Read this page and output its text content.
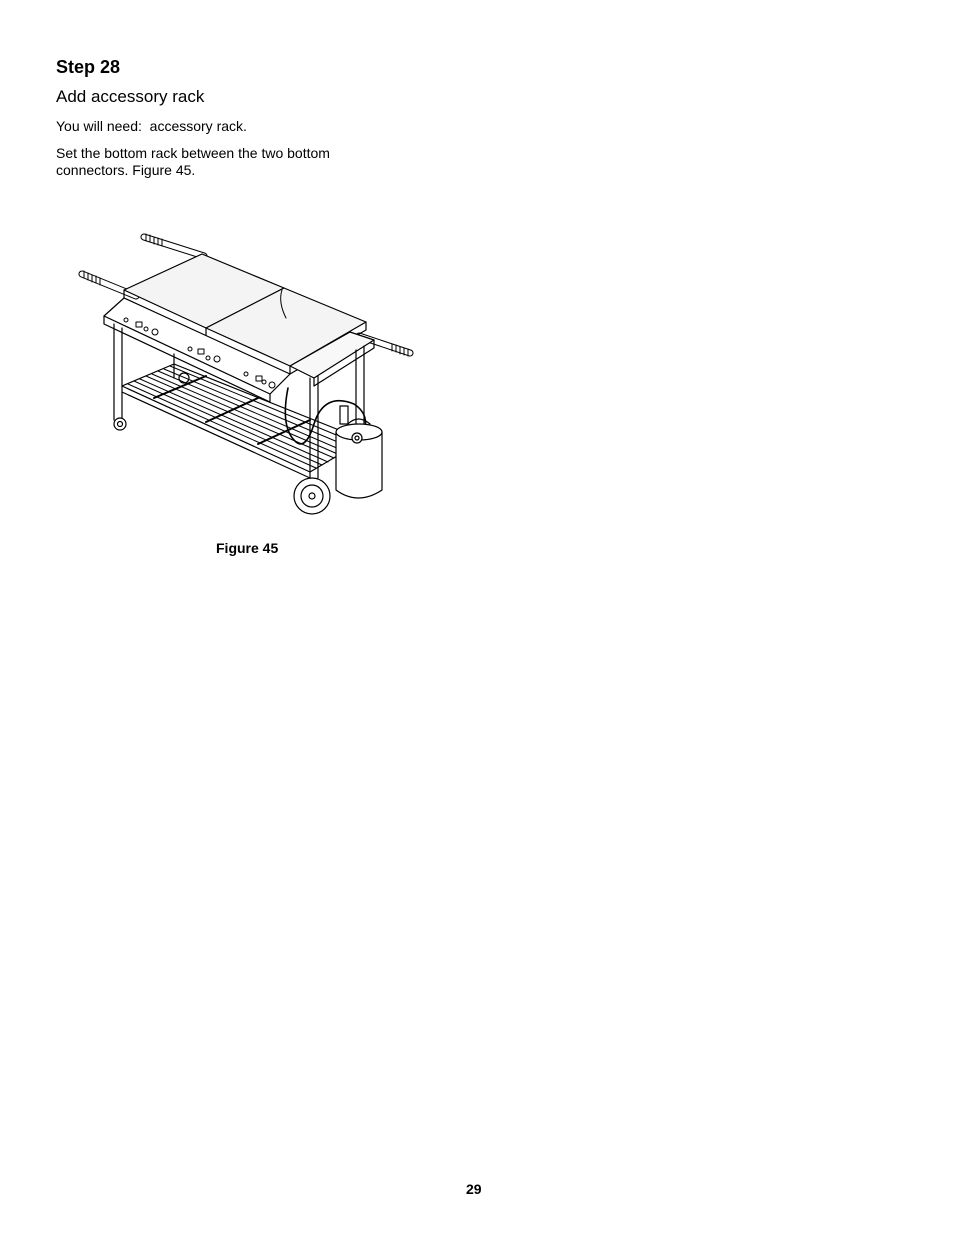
Step 28
Add accessory rack

You will need:  accessory rack.

Set the bottom rack between the two bottom connectors. Figure 45.

Figure 45

29
